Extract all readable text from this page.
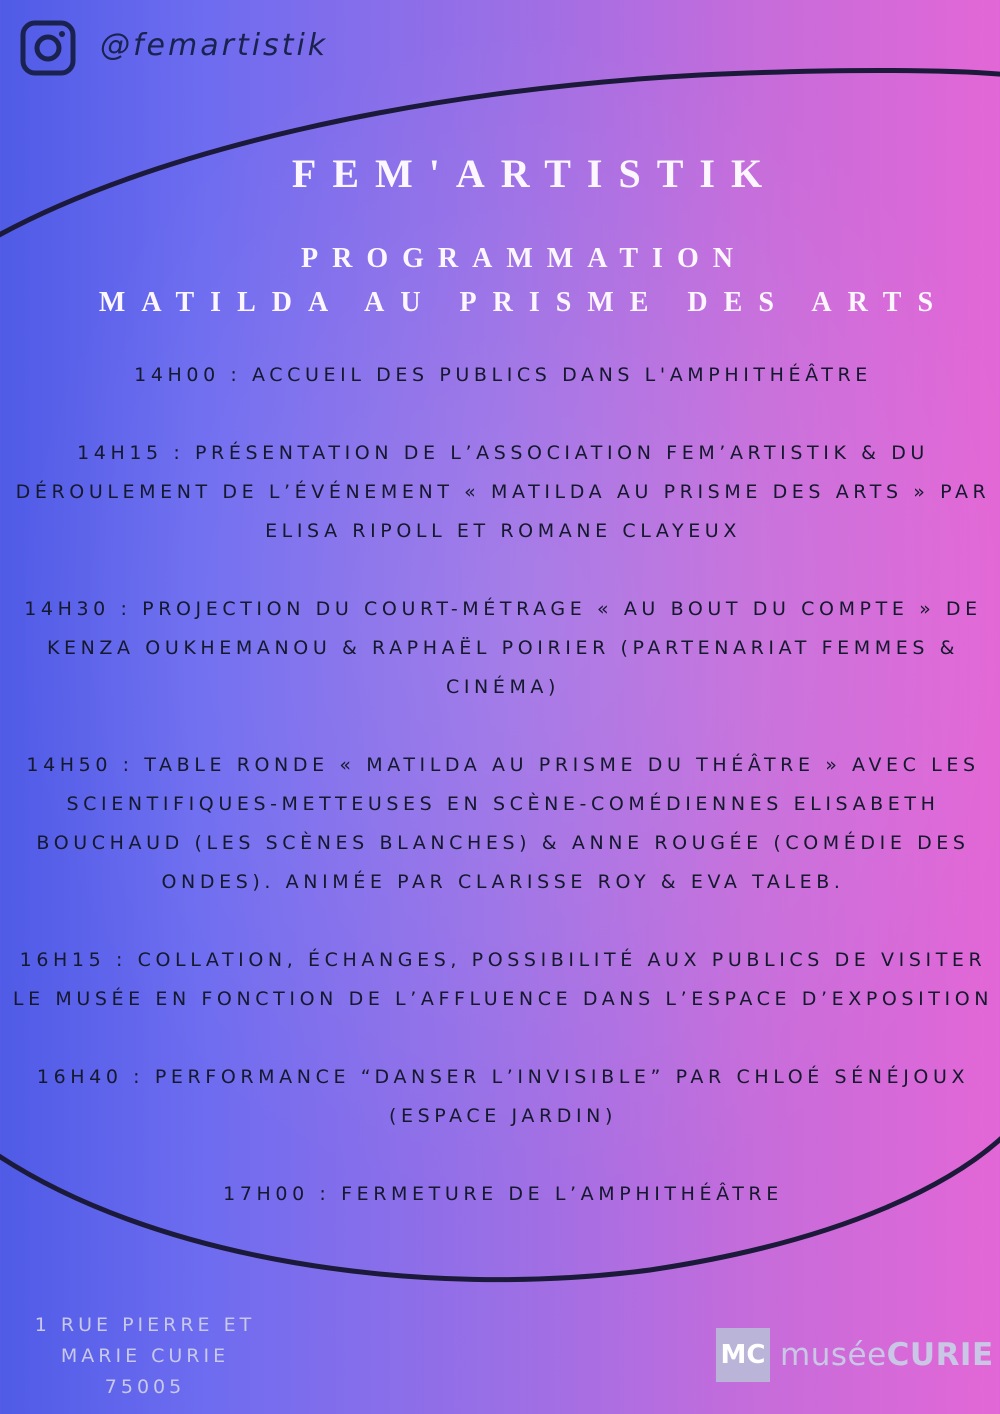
@femartistik
FEM'ARTISTIK
PROGRAMMATION
MATILDA AU PRISME DES ARTS

14H00 : ACCUEIL DES PUBLICS DANS L'AMPHITHÉÂTRE

14H15 : PRÉSENTATION DE L’ASSOCIATION FEM’ARTISTIK & DU DÉROULEMENT DE L’ÉVÉNEMENT « MATILDA AU PRISME DES ARTS » PAR ELISA RIPOLL ET ROMANE CLAYEUX

14H30 : PROJECTION DU COURT-MÉTRAGE « AU BOUT DU COMPTE » DE KENZA OUKHEMANOU & RAPHAËL POIRIER (PARTENARIAT FEMMES & CINÉMA)

14H50 : TABLE RONDE « MATILDA AU PRISME DU THÉÂTRE » AVEC LES SCIENTIFIQUES-METTEUSES EN SCÈNE-COMÉDIENNES ELISABETH BOUCHAUD (LES SCÈNES BLANCHES) & ANNE ROUGÉE (COMÉDIE DES ONDES). ANIMÉE PAR CLARISSE ROY & EVA TALEB.

16H15 : COLLATION, ÉCHANGES, POSSIBILITÉ AUX PUBLICS DE VISITER LE MUSÉE EN FONCTION DE L’AFFLUENCE DANS L’ESPACE D’EXPOSITION

16H40 : PERFORMANCE “DANSER L’INVISIBLE” PAR CHLOÉ SÉNÉJOUX (ESPACE JARDIN)

17H00 : FERMETURE DE L’AMPHITHÉÂTRE

1 RUE PIERRE ET
MARIE CURIE
75005
MC muséeCURIE
